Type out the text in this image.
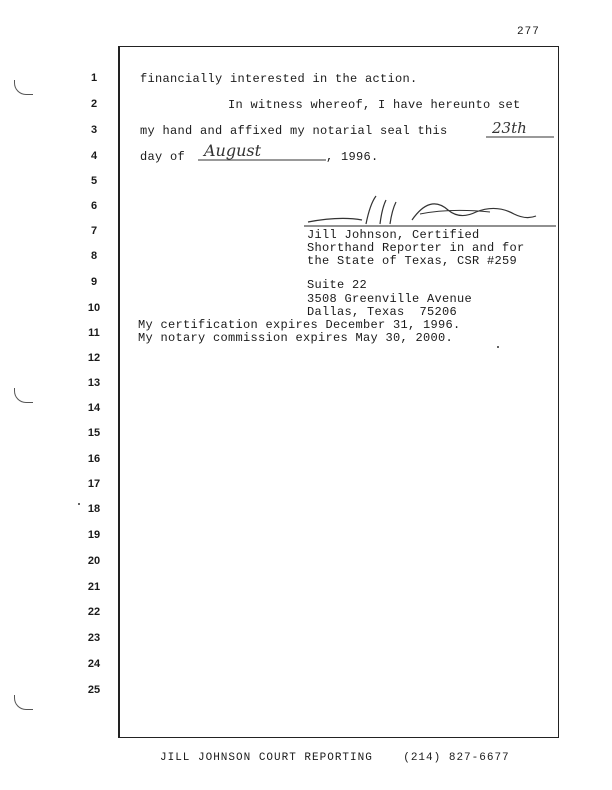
277
1
2
3
4
5
6
7
8
9
10
11
12
13
14
15
16
17
18
19
20
21
22
23
24
25
financially interested in the action.
In witness whereof, I have hereunto set
my hand and affixed my notarial seal this	23th
day of August	, 1996.
Jill Johnson, Certified
Shorthand Reporter in and for
the State of Texas, CSR #259
Suite 22
3508 Greenville Avenue
Dallas, Texas  75206
My certification expires December 31, 1996.
My notary commission expires May 30, 2000.
JILL JOHNSON COURT REPORTING    (214) 827-6677
